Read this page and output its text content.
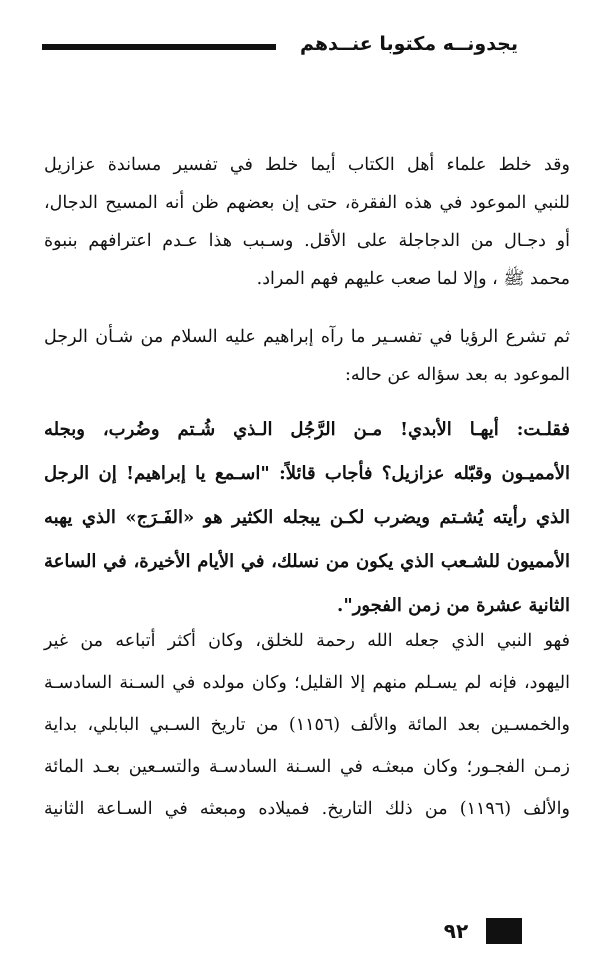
يجدونــه مكتوبا عنــدهم
وقد خلط علماء أهل الكتاب أيما خلط في تفسير مساندة عزازيل
للنبي الموعود في هذه الفقرة، حتى إن بعضهم ظن أنه المسيح الدجال،
أو دجـال من الدجاجلة على الأقل. وسـبب هذا عـدم اعترافهم بنبوة
محمد ﷺ ، وإلا لما صعب عليهم فهم المراد.
ثم تشرع الرؤيا في تفسـير ما رآه إبراهيم عليه السلام من شـأن الرجل
الموعود به بعد سؤاله عن حاله:
فقلـت: أيهـا الأبدي! مـن الرَّجُل الـذي شُـتم وضُرب، وبجله
الأمميـون وقبّله عزازيل؟ فأجاب قائلاً: "اسـمع يا إبراهيم! إن الرجل
الذي رأيته يُشـتم ويضرب لكـن يبجله الكثير هو «الفَـرَج» الذي يهبه
الأمميون للشـعب الذي يكون من نسلك، في الأيام الأخيرة، في الساعة
الثانية عشرة من زمن الفجور".
فهو النبي الذي جعله الله رحمة للخلق، وكان أكثر أتباعه من غير
اليهود، فإنه لم يسـلم منهم إلا القليل؛ وكان مولده في السـنة السادسـة
والخمسـين بعد المائة والألف (١١٥٦) من تاريخ السـبي البابلي، بداية
زمـن الفجـور؛ وكان مبعثـه في السـنة السادسـة والتسـعين بعـد المائة
والألف (١١٩٦) من ذلك التاريخ. فميلاده ومبعثه في السـاعة الثانية
٩٢
